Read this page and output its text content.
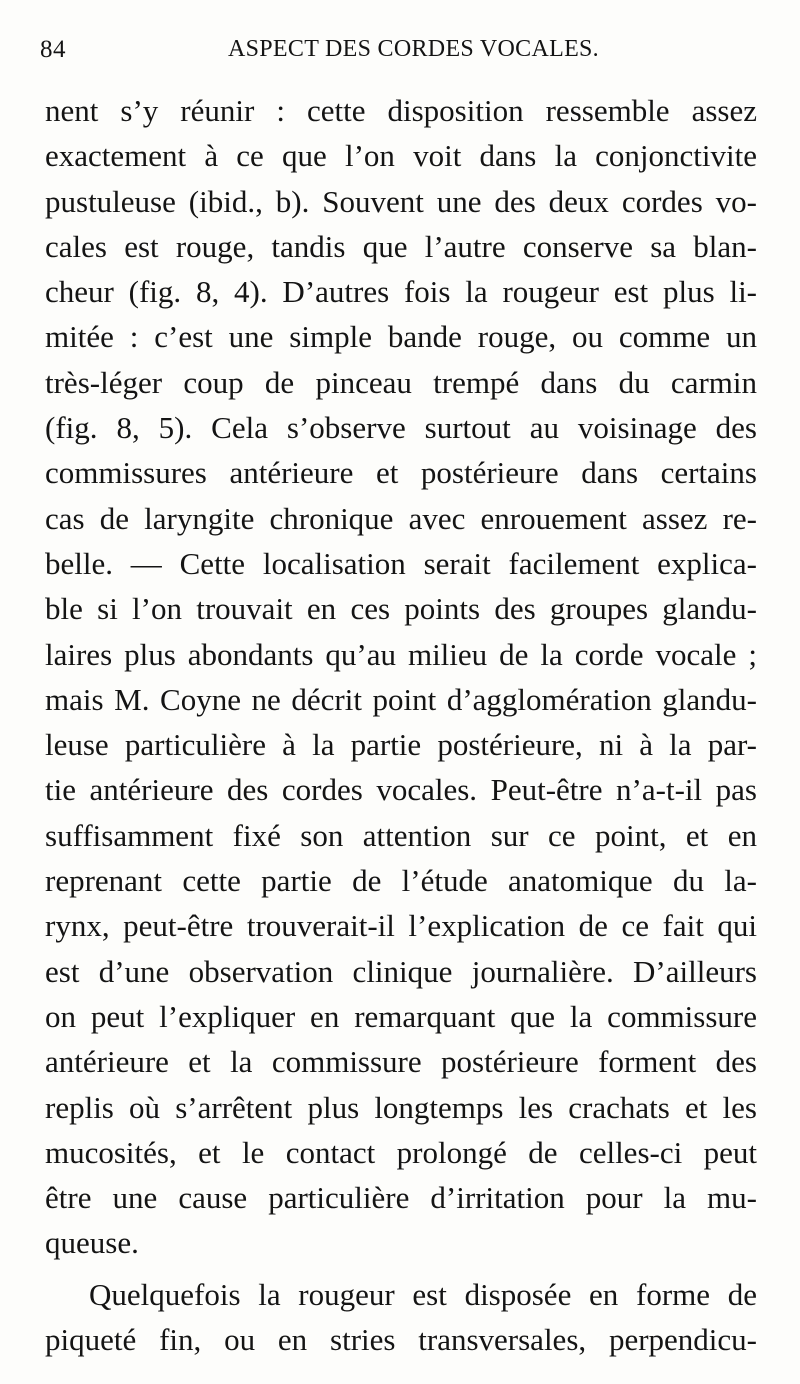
84	ASPECT DES CORDES VOCALES.
nent s’y réunir : cette disposition ressemble assez
exactement à ce que l’on voit dans la conjonctivite
pustuleuse (ibid., b). Souvent une des deux cordes vo-
cales est rouge, tandis que l’autre conserve sa blan-
cheur (fig. 8, 4). D’autres fois la rougeur est plus li-
mitée : c’est une simple bande rouge, ou comme un
très-léger coup de pinceau trempé dans du carmin
(fig. 8, 5). Cela s’observe surtout au voisinage des
commissures antérieure et postérieure dans certains
cas de laryngite chronique avec enrouement assez re-
belle. — Cette localisation serait facilement explica-
ble si l’on trouvait en ces points des groupes glandu-
laires plus abondants qu’au milieu de la corde vocale ;
mais M. Coyne ne décrit point d’agglomération glandu-
leuse particulière à la partie postérieure, ni à la par-
tie antérieure des cordes vocales. Peut-être n’a-t-il pas
suffisamment fixé son attention sur ce point, et en
reprenant cette partie de l’étude anatomique du la-
rynx, peut-être trouverait-il l’explication de ce fait qui
est d’une observation clinique journalière. D’ailleurs
on peut l’expliquer en remarquant que la commissure
antérieure et la commissure postérieure forment des
replis où s’arrêtent plus longtemps les crachats et les
mucosités, et le contact prolongé de celles-ci peut
être une cause particulière d’irritation pour la mu-
queuse.
Quelquefois la rougeur est disposée en forme de
piqueté fin, ou en stries transversales, perpendicu-
